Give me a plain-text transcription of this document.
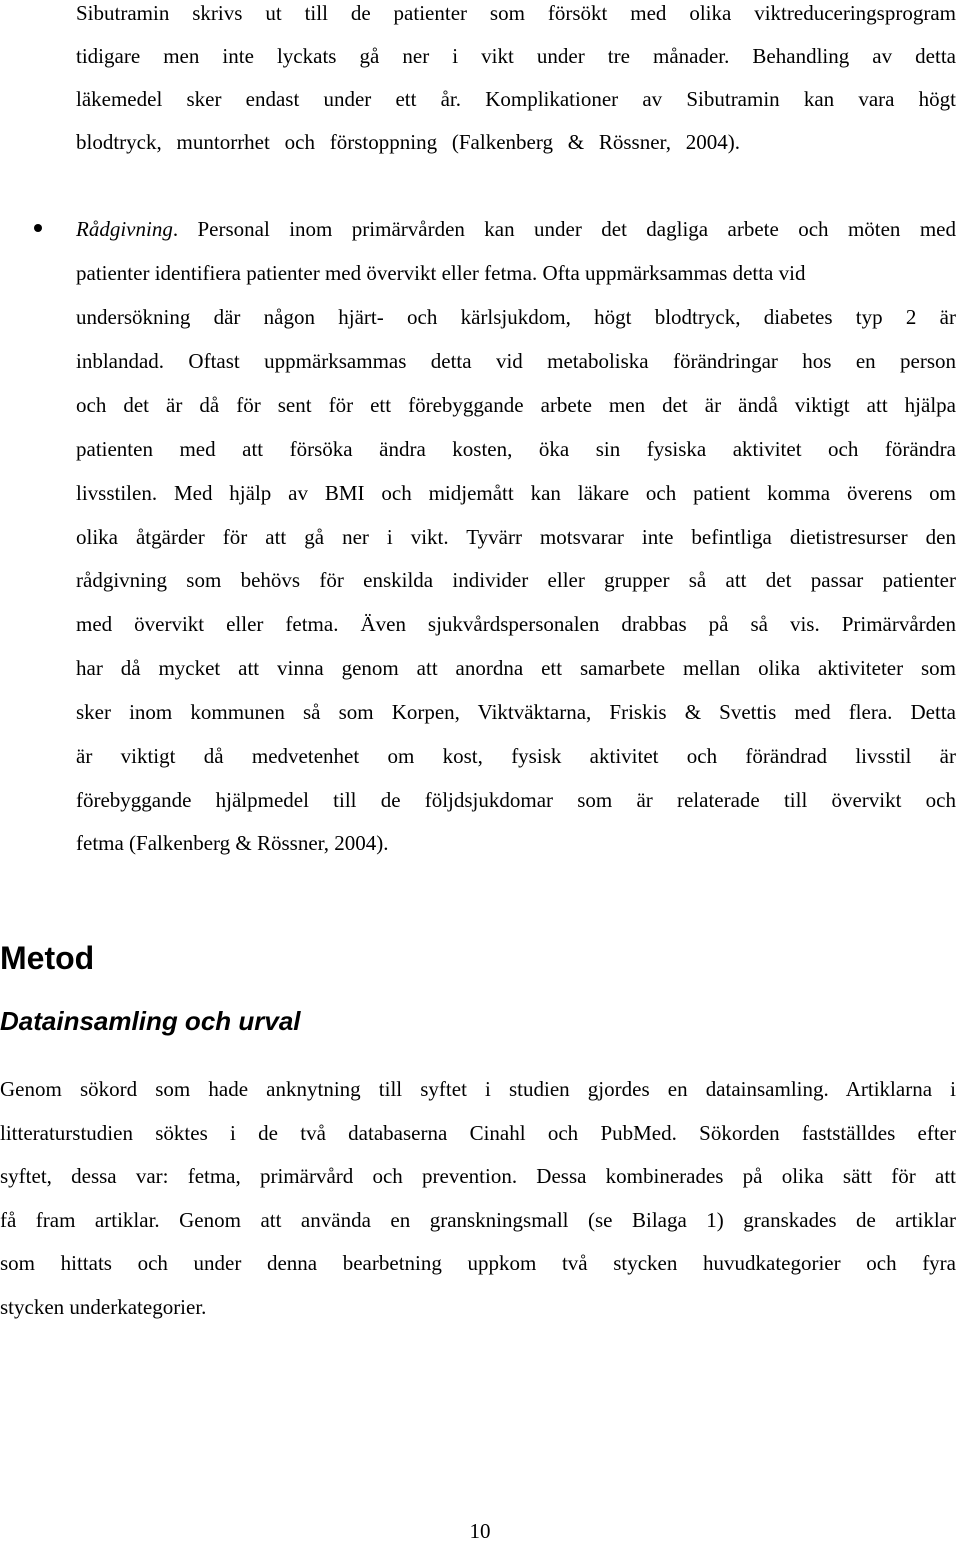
Sibutramin skrivs ut till de patienter som försökt med olika viktreduceringsprogram
tidigare men inte lyckats gå ner i vikt under tre månader. Behandling av detta
läkemedel sker endast under ett år. Komplikationer av Sibutramin kan vara högt
blodtryck, muntorrhet och förstoppning (Falkenberg & Rössner, 2004).
Rådgivning. Personal inom primärvården kan under det dagliga arbete och möten med
patienter identifiera patienter med övervikt eller fetma. Ofta uppmärksammas detta vid
undersökning där någon hjärt- och kärlsjukdom, högt blodtryck, diabetes typ 2 är
inblandad. Oftast uppmärksammas detta vid metaboliska förändringar hos en person
och det är då för sent för ett förebyggande arbete men det är ändå viktigt att hjälpa
patienten med att försöka ändra kosten, öka sin fysiska aktivitet och förändra
livsstilen. Med hjälp av BMI och midjemått kan läkare och patient komma överens om
olika åtgärder för att gå ner i vikt. Tyvärr motsvarar inte befintliga dietistresurser den
rådgivning som behövs för enskilda individer eller grupper så att det passar patienter
med övervikt eller fetma. Även sjukvårdspersonalen drabbas på så vis. Primärvården
har då mycket att vinna genom att anordna ett samarbete mellan olika aktiviteter som
sker inom kommunen så som Korpen, Viktväktarna, Friskis & Svettis med flera. Detta
är viktigt då medvetenhet om kost, fysisk aktivitet och förändrad livsstil är
förebyggande hjälpmedel till de följdsjukdomar som är relaterade till övervikt och
fetma (Falkenberg & Rössner, 2004).
Metod
Datainsamling och urval
Genom sökord som hade anknytning till syftet i studien gjordes en datainsamling. Artiklarna i
litteraturstudien söktes i de två databaserna Cinahl och PubMed. Sökorden fastställdes efter
syftet, dessa var: fetma, primärvård och prevention. Dessa kombinerades på olika sätt för att
få fram artiklar. Genom att använda en granskningsmall (se Bilaga 1) granskades de artiklar
som hittats och under denna bearbetning uppkom två stycken huvudkategorier och fyra
stycken underkategorier.
10
